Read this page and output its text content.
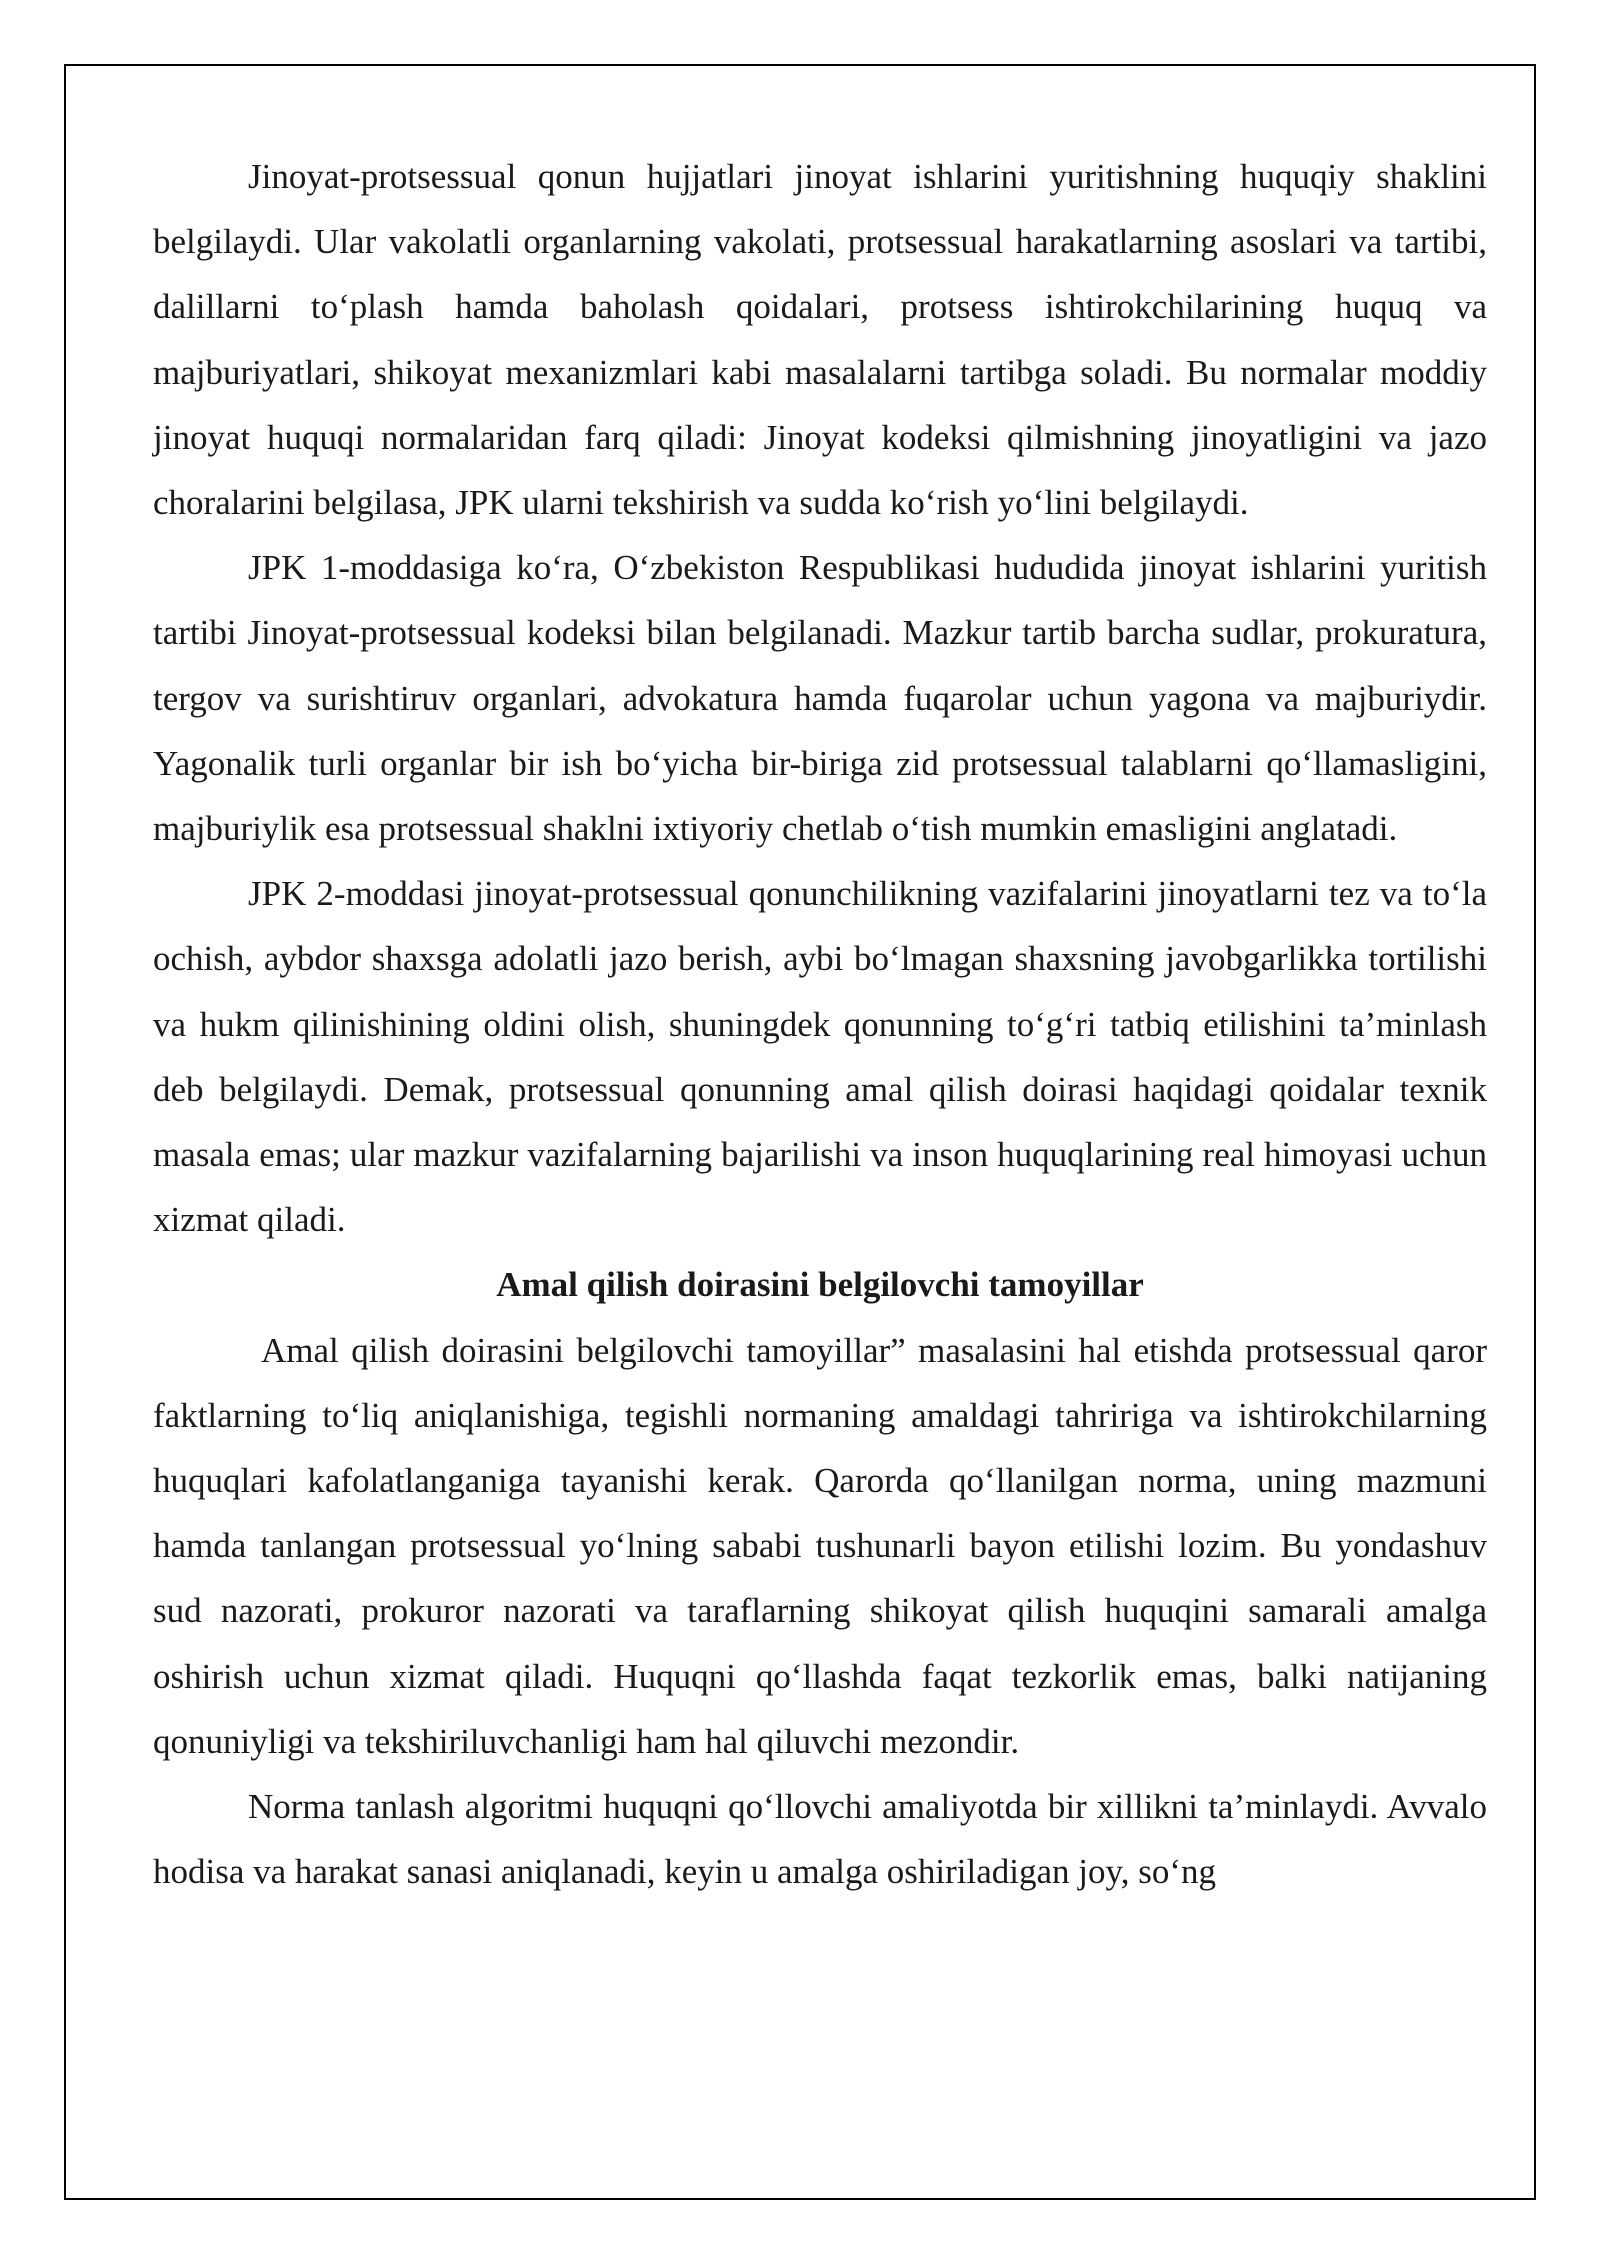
Jinoyat-protsessual qonun hujjatlari jinoyat ishlarini yuritishning huquqiy shaklini belgilaydi. Ular vakolatli organlarning vakolati, protsessual harakatlarning asoslari va tartibi, dalillarni to‘plash hamda baholash qoidalari, protsess ishtirokchilarining huquq va majburiyatlari, shikoyat mexanizmlari kabi masalalarni tartibga soladi. Bu normalar moddiy jinoyat huquqi normalaridan farq qiladi: Jinoyat kodeksi qilmishning jinoyatligini va jazo choralarini belgilasa, JPK ularni tekshirish va sudda ko‘rish yo‘lini belgilaydi.

JPK 1-moddasiga ko‘ra, O‘zbekiston Respublikasi hududida jinoyat ishlarini yuritish tartibi Jinoyat-protsessual kodeksi bilan belgilanadi. Mazkur tartib barcha sudlar, prokuratura, tergov va surishtiruv organlari, advokatura hamda fuqarolar uchun yagona va majburiydir. Yagonalik turli organlar bir ish bo‘yicha bir-biriga zid protsessual talablarni qo‘llamasligini, majburiylik esa protsessual shaklni ixtiyoriy chetlab o‘tish mumkin emasligini anglatadi.

JPK 2-moddasi jinoyat-protsessual qonunchilikning vazifalarini jinoyatlarni tez va to‘la ochish, aybdor shaxsga adolatli jazo berish, aybi bo‘lmagan shaxsning javobgarlikka tortilishi va hukm qilinishining oldini olish, shuningdek qonunning to‘g‘ri tatbiq etilishini ta’minlash deb belgilaydi. Demak, protsessual qonunning amal qilish doirasi haqidagi qoidalar texnik masala emas; ular mazkur vazifalarning bajarilishi va inson huquqlarining real himoyasi uchun xizmat qiladi.

Amal qilish doirasini belgilovchi tamoyillar

Amal qilish doirasini belgilovchi tamoyillar” masalasini hal etishda protsessual qaror faktlarning to‘liq aniqlanishiga, tegishli normaning amaldagi tahririga va ishtirokchilarning huquqlari kafolatlanganiga tayanishi kerak. Qarorda qo‘llanilgan norma, uning mazmuni hamda tanlangan protsessual yo‘lning sababi tushunarli bayon etilishi lozim. Bu yondashuv sud nazorati, prokuror nazorati va taraflarning shikoyat qilish huquqini samarali amalga oshirish uchun xizmat qiladi. Huquqni qo‘llashda faqat tezkorlik emas, balki natijaning qonuniyligi va tekshiriluvchanligi ham hal qiluvchi mezondir.

Norma tanlash algoritmi huquqni qo‘llovchi amaliyotda bir xillikni ta’minlaydi. Avvalo hodisa va harakat sanasi aniqlanadi, keyin u amalga oshiriladigan joy, so‘ng
